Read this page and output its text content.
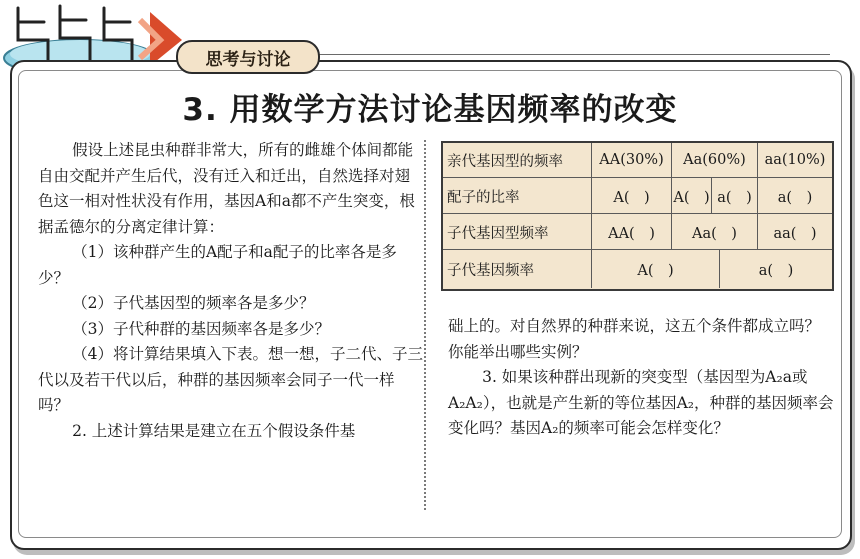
思考与讨论
3. 用数学方法讨论基因频率的改变

假设上述昆虫种群非常大，所有的雌雄个体间都能自由交配并产生后代，没有迁入和迁出，自然选择对翅色这一相对性状没有作用，基因A和a都不产生突变，根据孟德尔的分离定律计算：

（1）该种群产生的A配子和a配子的比率各是多少？

（2）子代基因型的频率各是多少？

（3）子代种群的基因频率各是多少？

（4）将计算结果填入下表。想一想，子二代、子三代以及若干代以后，种群的基因频率会同子一代一样吗？

2. 上述计算结果是建立在五个假设条件基

亲代基因型的频率	AA(30%)	Aa(60%)	aa(10%)
配子的比率	A(　)	A(　) a(　)	a(　)
子代基因型频率	AA(　)	Aa(　)	aa(　)
子代基因频率	A(　)	a(　)

础上的。对自然界的种群来说，这五个条件都成立吗？你能举出哪些实例？

3. 如果该种群出现新的突变型（基因型为A₂a或A₂A₂），也就是产生新的等位基因A₂，种群的基因频率会变化吗？基因A₂的频率可能会怎样变化？
